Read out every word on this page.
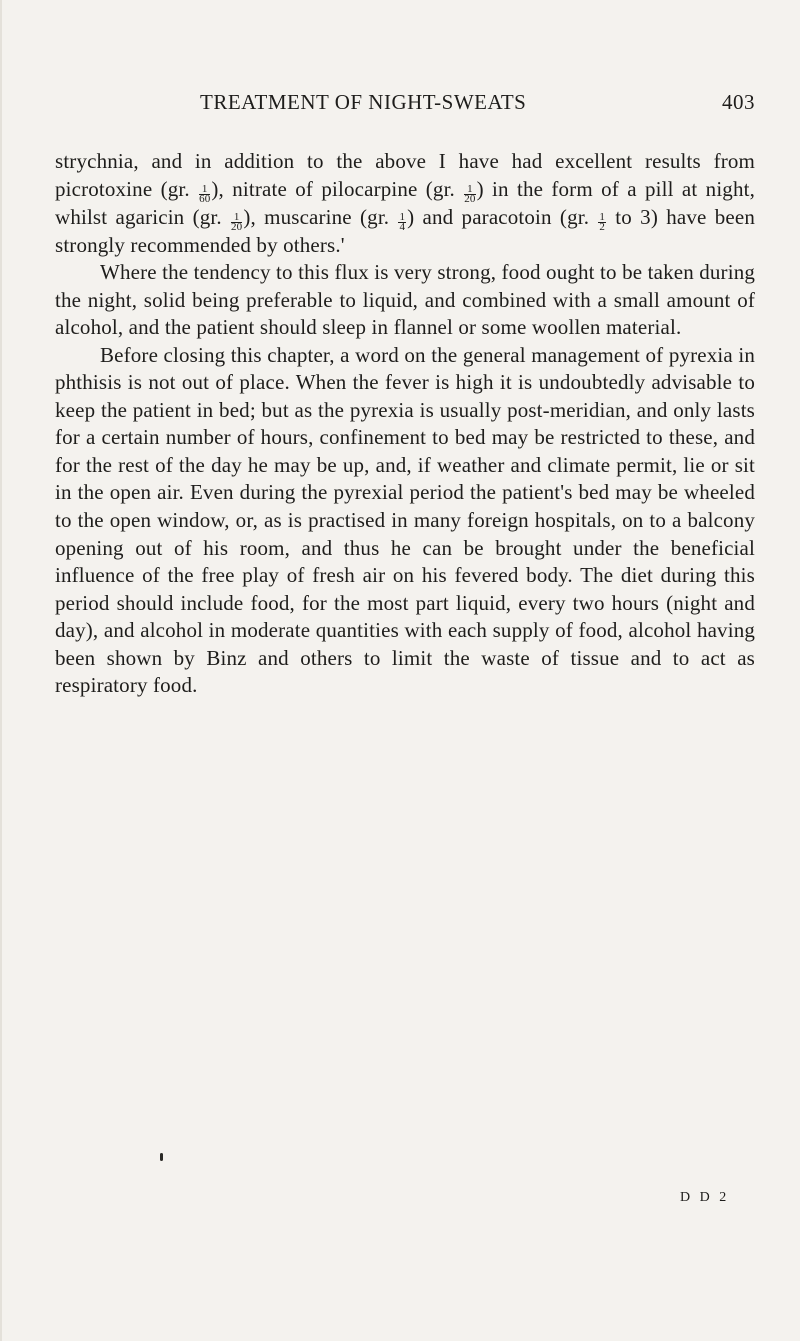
TREATMENT OF NIGHT-SWEATS	403

strychnia, and in addition to the above I have had excellent results from picrotoxine (gr. $\frac{1}{60}$ ), nitrate of pilocarpine (gr. $\frac{1}{20}$ ) in the form of a pill at night, whilst agaricin (gr. $\frac{1}{20}$ ), muscarine (gr. $\frac{1}{4}$ ) and paracotoin (gr. $\frac{1}{2}$ to 3) have been strongly recommended by others.'

Where the tendency to this flux is very strong, food ought to be taken during the night, solid being preferable to liquid, and combined with a small amount of alcohol, and the patient should sleep in flannel or some woollen material.

Before closing this chapter, a word on the general management of pyrexia in phthisis is not out of place. When the fever is high it is undoubtedly advisable to keep the patient in bed; but as the pyrexia is usually post-meridian, and only lasts for a certain number of hours, confinement to bed may be restricted to these, and for the rest of the day he may be up, and, if weather and climate permit, lie or sit in the open air. Even during the pyrexial period the patient's bed may be wheeled to the open window, or, as is practised in many foreign hospitals, on to a balcony opening out of his room, and thus he can be brought under the beneficial influence of the free play of fresh air on his fevered body. The diet during this period should include food, for the most part liquid, every two hours (night and day), and alcohol in moderate quantities with each supply of food, alcohol having been shown by Binz and others to limit the waste of tissue and to act as respiratory food.

D D 2
